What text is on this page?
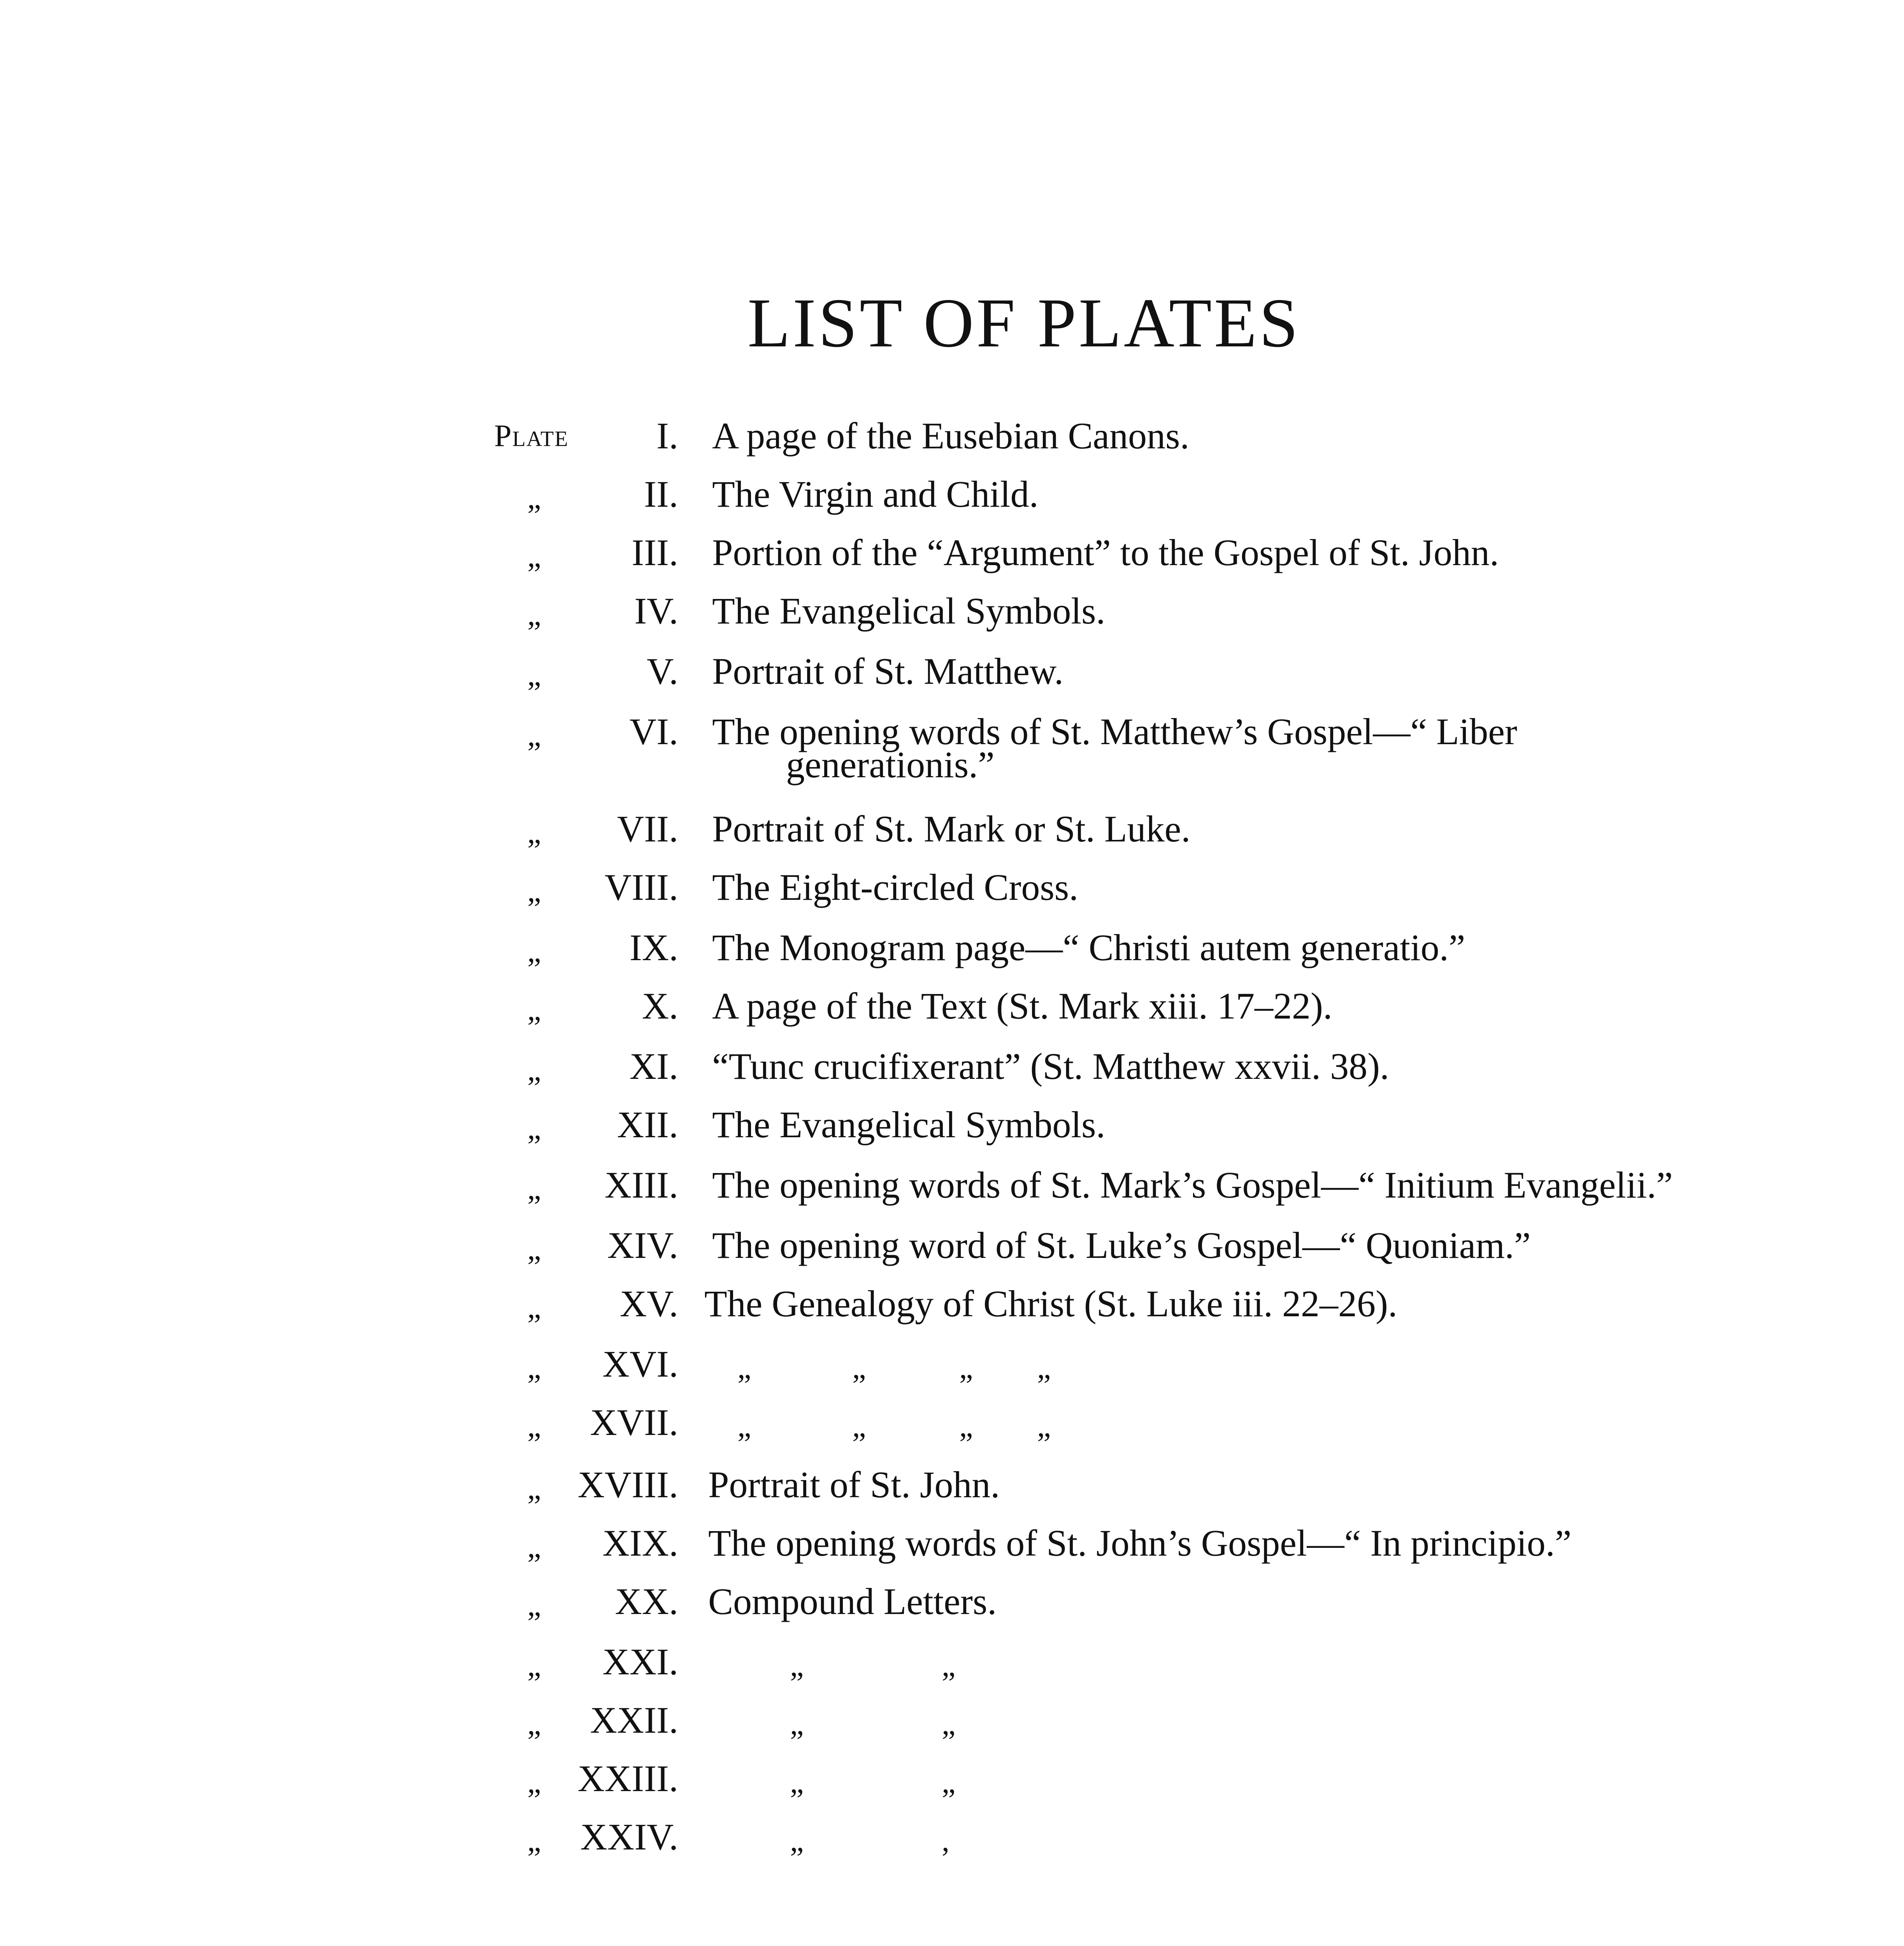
LIST OF PLATES
Plate I. A page of the Eusebian Canons.
„	II. The Virgin and Child.
„ III. Portion of the “Argument” to the Gospel of St. John.
„ IV. The Evangelical Symbols.
„	V. Portrait of St. Matthew.
„ VI. The opening words of St. Matthew’s Gospel—“ Liber
generationis.”
„ VII. Portrait of St. Mark or St. Luke.
„ VIII. The Eight-circled Cross.
„ IX. The Monogram page—“ Christi autem generatio.”
„	X. A page of the Text (St. Mark xiii. 17–22).
„ XI. “Tunc crucifixerant” (St. Matthew xxvii. 38).
„ XII. The Evangelical Symbols.
„ XIII. The opening words of St. Mark’s Gospel—“ Initium Evangelii.”
„ XIV. The opening word of St. Luke’s Gospel—“ Quoniam.”
„ XV. The Genealogy of Christ (St. Luke iii. 22–26).
„ XVI. „	„	„ „
„ XVII. „	„	„ „
„ XVIII. Portrait of St. John.
„ XIX. The opening words of St. John’s Gospel—“ In principio.”
„ XX. Compound Letters.
„ XXI.	„	„
„ XXII.	„	„
„ XXIII.	„	„
„ XXIV.	„	,
